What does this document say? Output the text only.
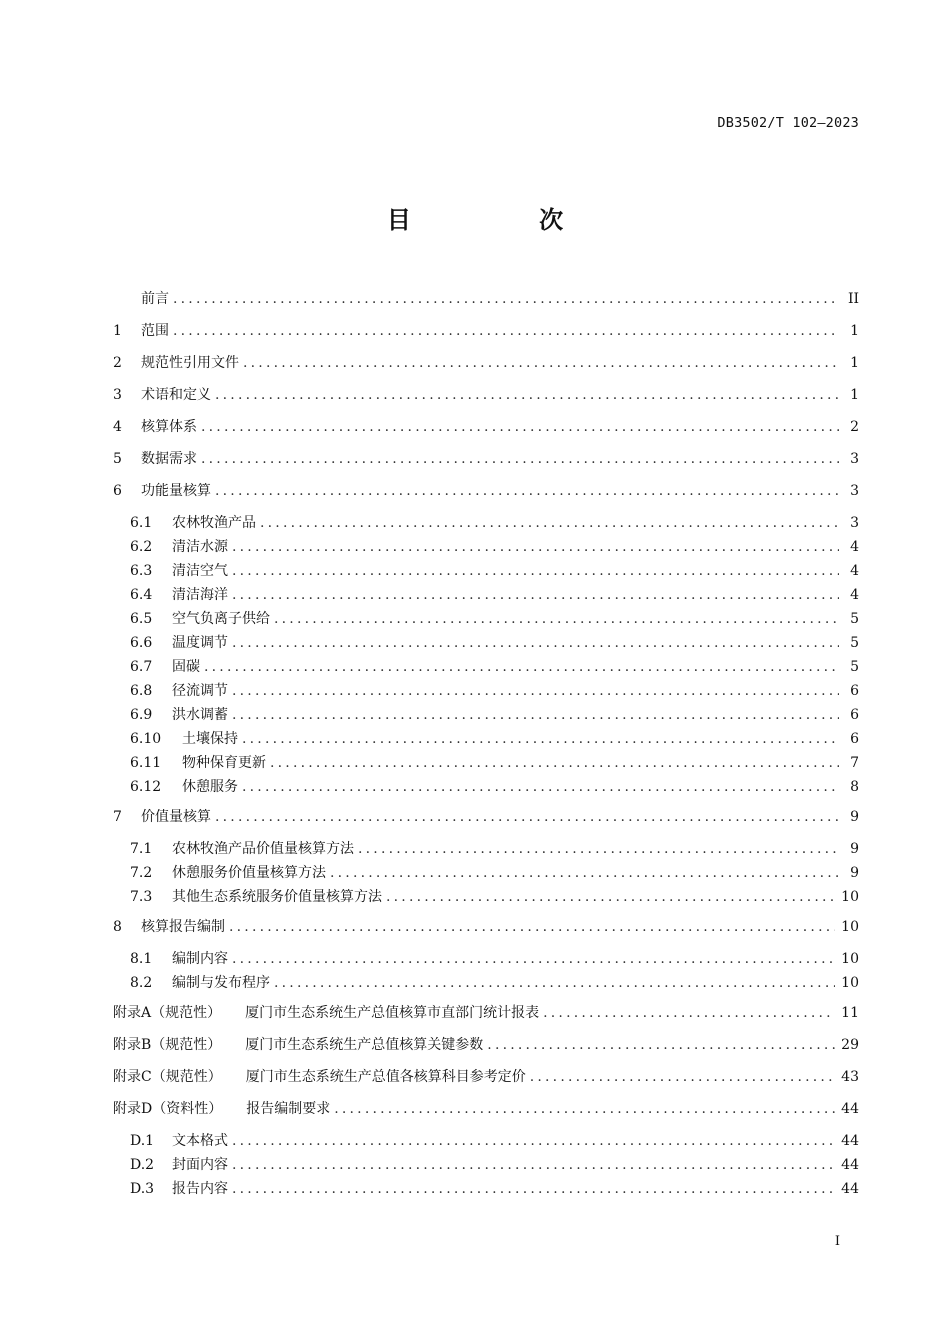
DB3502/T 102—2023
目 次
前言 .....	II
1	范围 .....	1
2	规范性引用文件 .....	1
3	术语和定义 .....	1
4	核算体系 .....	2
5	数据需求 .....	3
6	功能量核算 .....	3
6.1	农林牧渔产品 .....	3
6.2	清洁水源 .....	4
6.3	清洁空气 .....	4
6.4	清洁海洋 .....	4
6.5	空气负离子供给 .....	5
6.6	温度调节 .....	5
6.7	固碳 .....	5
6.8	径流调节 .....	6
6.9	洪水调蓄 .....	6
6.10	土壤保持 .....	6
6.11	物种保育更新 .....	7
6.12	休憩服务 .....	8
7	价值量核算 .....	9
7.1	农林牧渔产品价值量核算方法 .....	9
7.2	休憩服务价值量核算方法 .....	9
7.3	其他生态系统服务价值量核算方法 .....	10
8	核算报告编制 .....	10
8.1	编制内容 .....	10
8.2	编制与发布程序 .....	10
附录A （规范性） 厦门市生态系统生产总值核算市直部门统计报表 .....	11
附录B （规范性） 厦门市生态系统生产总值核算关键参数 .....	29
附录C （规范性） 厦门市生态系统生产总值各核算科目参考定价 .....	43
附录D （资料性） 报告编制要求 .....	44
D.1	文本格式 .....	44
D.2	封面内容 .....	44
D.3	报告内容 .....	44
I
